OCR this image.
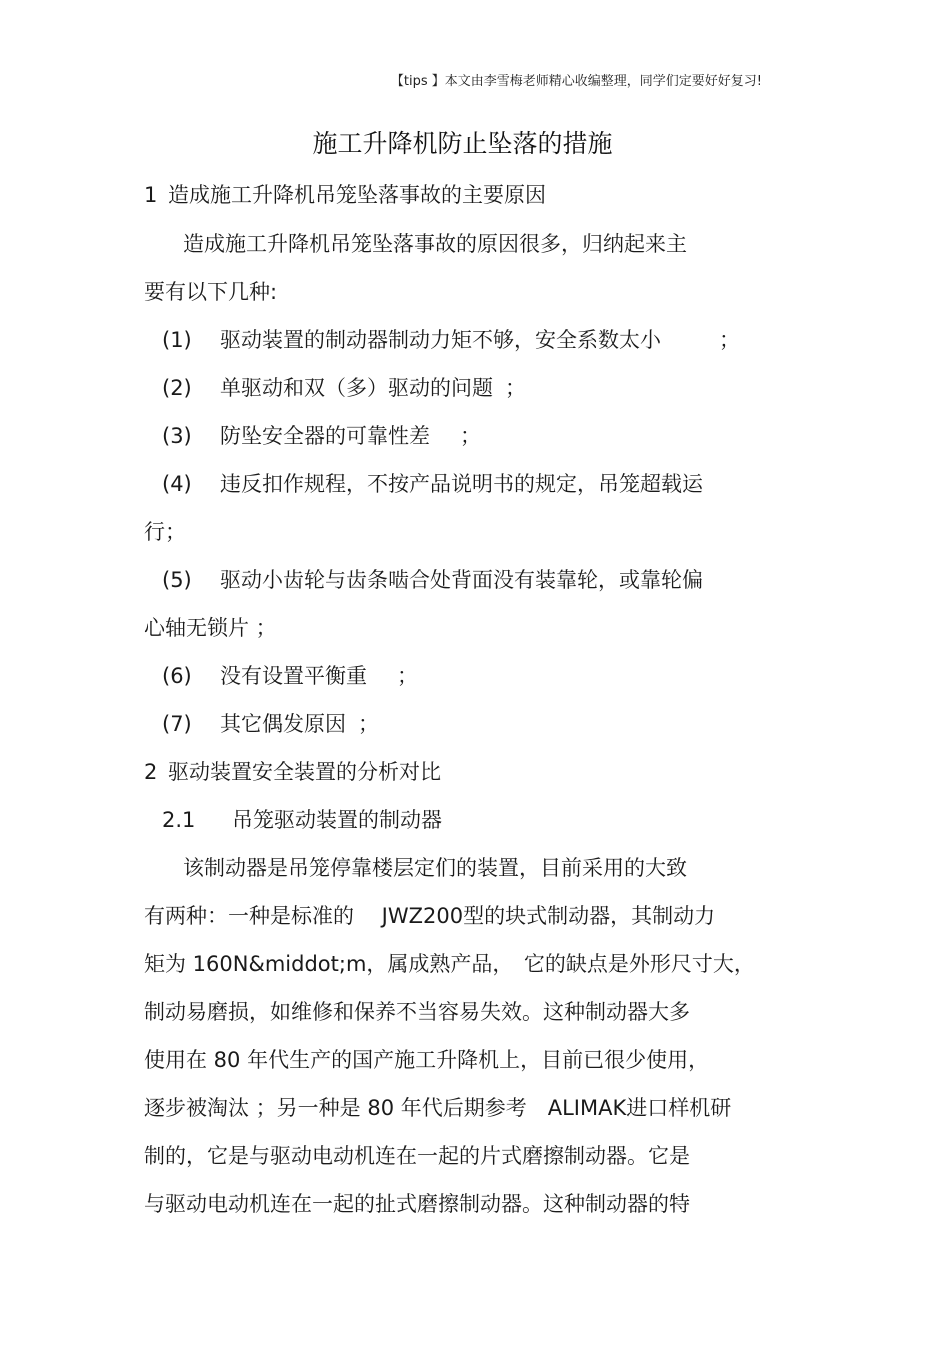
【tips 】本文由李雪梅老师精心收编整理，同学们定要好好复习!
施工升降机防止坠落的措施
1 造成施工升降机吊笼坠落事故的主要原因
造成施工升降机吊笼坠落事故的原因很多，归纳起来主
要有以下几种:
(1) 驱动装置的制动器制动力矩不够，安全系数太小	；
(2) 单驱动和双（多）驱动的问题 ；
(3) 防坠安全器的可靠性差 ；
(4) 违反扣作规程，不按产品说明书的规定，吊笼超载运
行；
(5) 驱动小齿轮与齿条啮合处背面没有装靠轮，或靠轮偏
心轴无锁片 ；
(6) 没有设置平衡重 ；
(7) 其它偶发原因 ；
2 驱动装置安全装置的分析对比
2.1 吊笼驱动装置的制动器
该制动器是吊笼停靠楼层定们的装置，目前采用的大致
有两种：一种是标准的　 JWZ200型的块式制动器，其制动力
矩为 160N&middot;m，属成熟产品，　它的缺点是外形尺寸大，
制动易磨损，如维修和保养不当容易失效。这种制动器大多
使用在 80 年代生产的国产施工升降机上，目前已很少使用，
逐步被淘汰 ；另一种是 80 年代后期参考　ALIMAK进口样机研
制的，它是与驱动电动机连在一起的片式磨擦制动器。它是
与驱动电动机连在一起的扯式磨擦制动器。这种制动器的特
